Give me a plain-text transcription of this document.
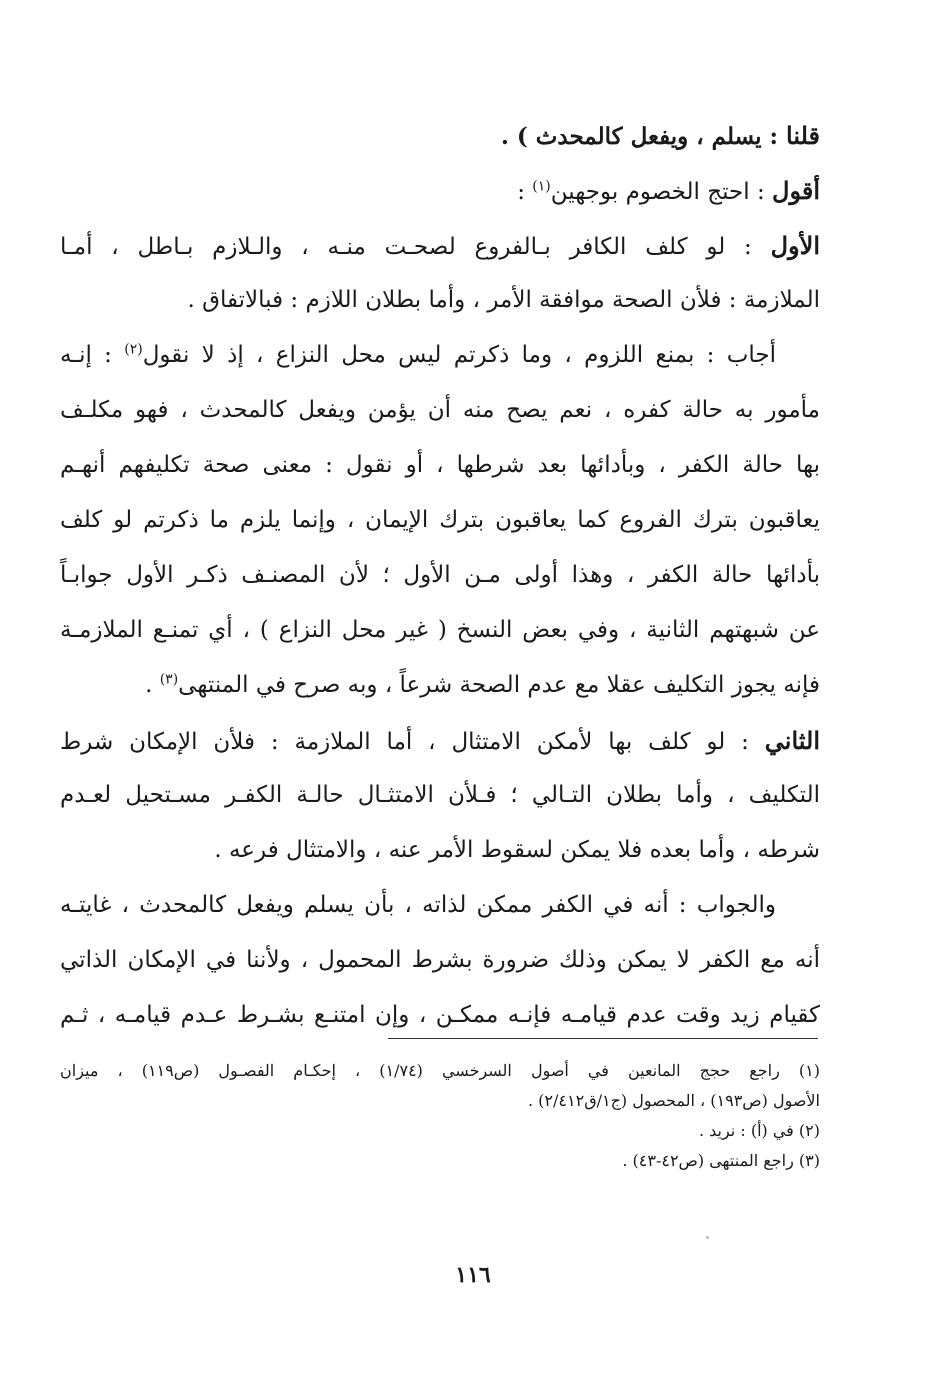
قلنا : يسلم ، ويفعل كالمحدث ) .
أقول : احتج الخصوم بوجهين$^{(١)}$ :
الأول : لو كلف الكافر بـالفروع لصحـت منـه ، والـلازم بـاطل ، أمـا
الملازمة : فلأن الصحة موافقة الأمر ، وأما بطلان اللازم : فبالاتفاق .
أجاب : بمنع اللزوم ، وما ذكرتم ليس محل النزاع ، إذ لا نقول$^{(٢)}$ : إنـه
مأمور به حالة كفره ، نعم يصح منه أن يؤمن ويفعل كالمحدث ، فهو مكلـف
بها حالة الكفر ، وبأدائها بعد شرطها ، أو نقول : معنى صحة تكليفهم أنهـم
يعاقبون بترك الفروع كما يعاقبون بترك الإيمان ، وإنما يلزم ما ذكرتم لو كلف
بأدائها حالة الكفر ، وهذا أولى مـن الأول ؛ لأن المصنـف ذكـر الأول جوابـاً
عن شبهتهم الثانية ، وفي بعض النسخ ( غير محل النزاع ) ، أي تمنـع الملازمـة
فإنه يجوز التكليف عقلا مع عدم الصحة شرعاً ، وبه صرح في المنتهى$^{(٣)}$ .
الثاني : لو كلف بها لأمكن الامتثال ، أما الملازمة : فلأن الإمكان شرط
التكليف ، وأما بطلان التـالي ؛ فـلأن الامتثـال حالـة الكفـر مسـتحيل لعـدم
شرطه ، وأما بعده فلا يمكن لسقوط الأمر عنه ، والامتثال فرعه .
والجواب : أنه في الكفر ممكن لذاته ، بأن يسلم ويفعل كالمحدث ، غايتـه
أنه مع الكفر لا يمكن وذلك ضرورة بشرط المحمول ، ولأننا في الإمكان الذاتي
كقيام زيد وقت عدم قيامـه فإنـه ممكـن ، وإن امتنـع بشـرط عـدم قيامـه ، ثـم
(١) راجع حجج المانعين في أصول السرخسي (١/٧٤) ، إحكـام الفصـول (ص١١٩) ، ميزان
الأصول (ص١٩٣) ، المحصول (ج١/ق٢/٤١٢) .
(٢) في (أ) : نريد .
(٣) راجع المنتهى (ص٤٢-٤٣) .
١١٦
